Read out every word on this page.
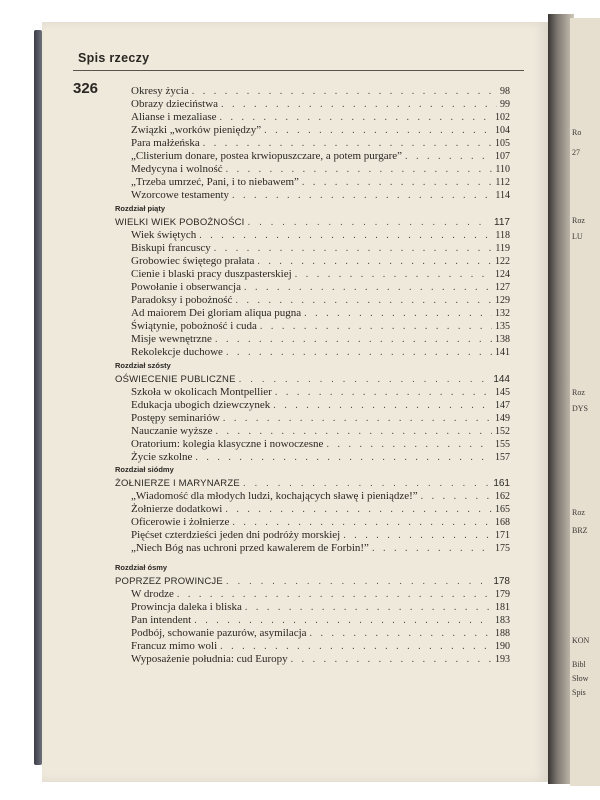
Ro
27
Roz
LU
Roz
DYS
Roz
BRZ
KON
Bibl
Słow
Spis
Spis rzeczy
326	Okresy życia . . .	98
Obrazy dzieciństwa . . .	99
Alianse i mezaliase . . .	102
Związki „worków pieniędzy” . . .	104
Para małżeńska . . .	105
„Clisterium donare, postea krwiopuszczare, a potem purgare” . . .	107
Medycyna i wolność . . .	110
„Trzeba umrzeć, Pani, i to niebawem” . . .	112
Wzorcowe testamenty . . .	114
Rozdział piąty
WIELKI WIEK POBOŻNOŚCI . . .	117
Wiek świętych . . .	118
Biskupi francuscy . . .	119
Grobowiec świętego prałata . . .	122
Cienie i blaski pracy duszpasterskiej . . .	124
Powołanie i obserwancja . . .	127
Paradoksy i pobożność . . .	129
Ad maiorem Dei gloriam aliqua pugna . . .	132
Świątynie, pobożność i cuda . . .	135
Misje wewnętrzne . . .	138
Rekolekcje duchowe . . .	141
Rozdział szósty
OŚWIECENIE PUBLICZNE . . .	144
Szkoła w okolicach Montpellier . . .	145
Edukacja ubogich dziewczynek . . .	147
Postępy seminariów . . .	149
Nauczanie wyższe . . .	152
Oratorium: kolegia klasyczne i nowoczesne . . .	155
Życie szkolne . . .	157
Rozdział siódmy
ŻOŁNIERZE I MARYNARZE . . .	161
„Wiadomość dla młodych ludzi, kochających sławę i pieniądze!” . . .	162
Żołnierze dodatkowi . . .	165
Oficerowie i żołnierze . . .	168
Pięćset czterdzieści jeden dni podróży morskiej . . .	171
„Niech Bóg nas uchroni przed kawalerem de Forbin!” . . .	175
Rozdział ósmy
POPRZEZ PROWINCJE . . .	178
W drodze . . .	179
Prowincja daleka i bliska . . .	181
Pan intendent . . .	183
Podbój, schowanie pazurów, asymilacja . . .	188
Francuz mimo woli . . .	190
Wyposażenie południa: cud Europy . . .	193
